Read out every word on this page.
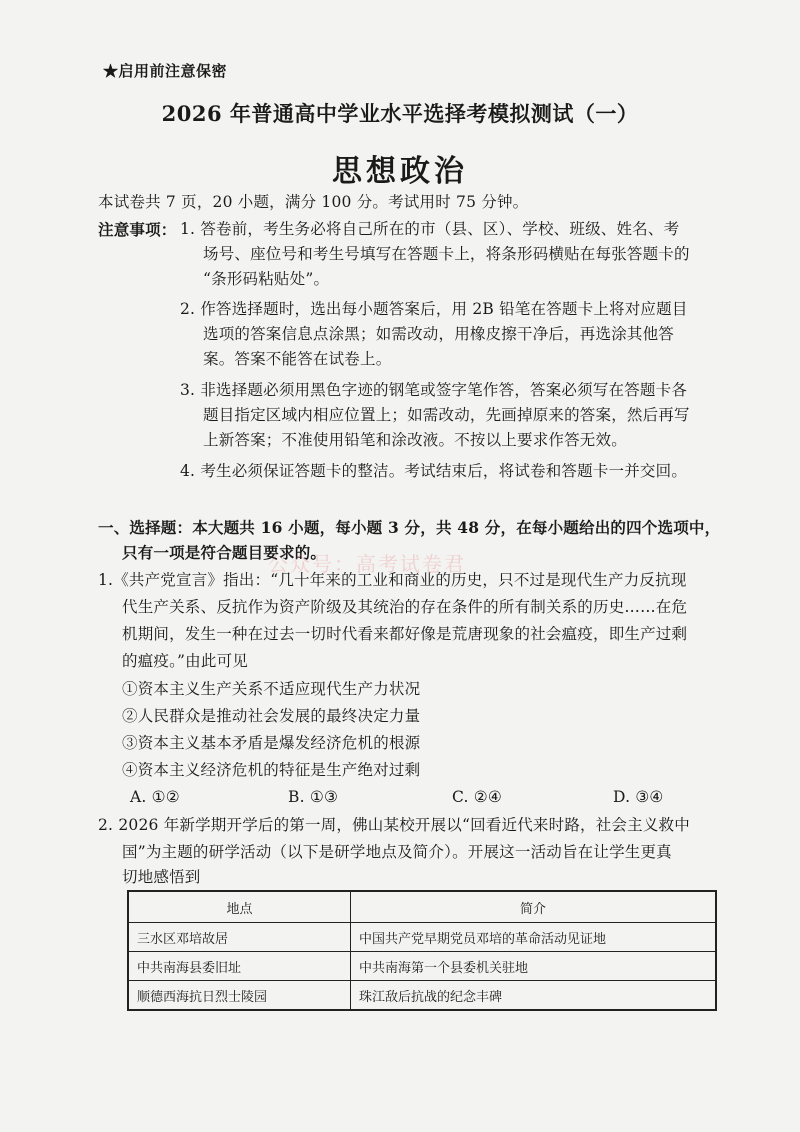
★启用前注意保密
2026 年普通高中学业水平选择考模拟测试（一）
思想政治
本试卷共 7 页，20 小题，满分 100 分。考试用时 75 分钟。
注意事项： 1. 答卷前，考生务必将自己所在的市（县、区）、学校、班级、姓名、考
场号、座位号和考生号填写在答题卡上，将条形码横贴在每张答题卡的
“条形码粘贴处”。
2. 作答选择题时，选出每小题答案后，用 2B 铅笔在答题卡上将对应题目
选项的答案信息点涂黑；如需改动，用橡皮擦干净后，再选涂其他答
案。答案不能答在试卷上。
3. 非选择题必须用黑色字迹的钢笔或签字笔作答，答案必须写在答题卡各
题目指定区域内相应位置上；如需改动，先画掉原来的答案，然后再写
上新答案；不准使用铅笔和涂改液。不按以上要求作答无效。
4. 考生必须保证答题卡的整洁。考试结束后，将试卷和答题卡一并交回。
一、选择题：本大题共 16 小题，每小题 3 分，共 48 分，在每小题给出的四个选项中，
只有一项是符合题目要求的。
公众号：高考试卷君
1.《共产党宣言》指出：“几十年来的工业和商业的历史，只不过是现代生产力反抗现
代生产关系、反抗作为资产阶级及其统治的存在条件的所有制关系的历史……在危
机期间，发生一种在过去一切时代看来都好像是荒唐现象的社会瘟疫，即生产过剩
的瘟疫。”由此可见
①资本主义生产关系不适应现代生产力状况
②人民群众是推动社会发展的最终决定力量
③资本主义基本矛盾是爆发经济危机的根源
④资本主义经济危机的特征是生产绝对过剩
A. ①②	B. ①③	C. ②④	D. ③④
2. 2026 年新学期开学后的第一周，佛山某校开展以“回看近代来时路，社会主义救中
国”为主题的研学活动（以下是研学地点及简介）。开展这一活动旨在让学生更真
切地感悟到
地点	简介
三水区邓培故居	中国共产党早期党员邓培的革命活动见证地
中共南海县委旧址	中共南海第一个县委机关驻地
顺德西海抗日烈士陵园	珠江敌后抗战的纪念丰碑
